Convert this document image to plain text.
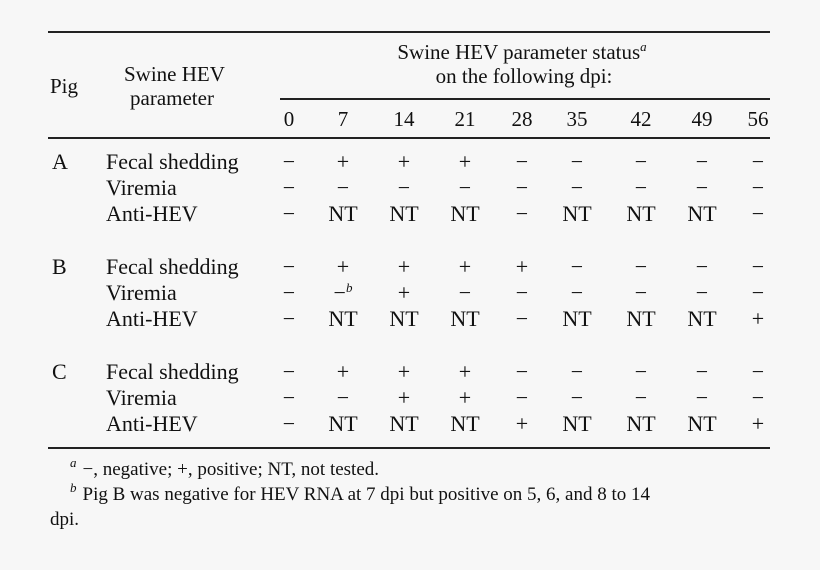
Pig Swine HEV
parameter
Swine HEV parameter status$^a$
on the following dpi:
0 7 14 21 28 35 42 49 56
A Fecal shedding − + + + − − − − −
Viremia	− − − − − − − − −
Anti-HEV	− NT NT NT − NT NT NT −
B Fecal shedding − + + + + − − − −
Viremia	− −$^b$ + − − − − − −
Anti-HEV	− NT NT NT − NT NT NT +
C Fecal shedding − + + + − − − − −
Viremia	− − + + − − − − −
Anti-HEV	− NT NT NT + NT NT NT +
$^a$ −, negative; +, positive; NT, not tested.
$^b$ Pig B was negative for HEV RNA at 7 dpi but positive on 5, 6, and 8 to 14
dpi.
